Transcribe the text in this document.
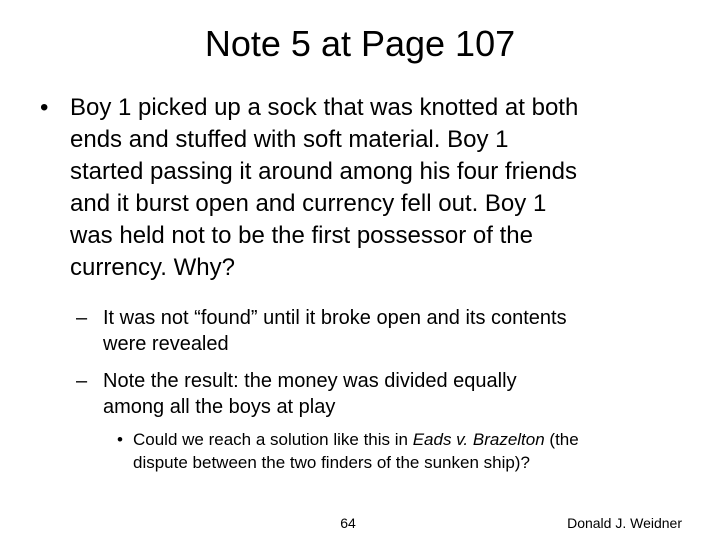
Note 5 at Page 107
• Boy 1 picked up a sock that was knotted at both
ends and stuffed with soft material. Boy 1
started passing it around among his four friends
and it burst open and currency fell out. Boy 1
was held not to be the first possessor of the
currency. Why?
– It was not “found” until it broke open and its contents
were revealed
– Note the result: the money was divided equally
among all the boys at play
• Could we reach a solution like this in Eads v. Brazelton (the
dispute between the two finders of the sunken ship)?
64	Donald J. Weidner
